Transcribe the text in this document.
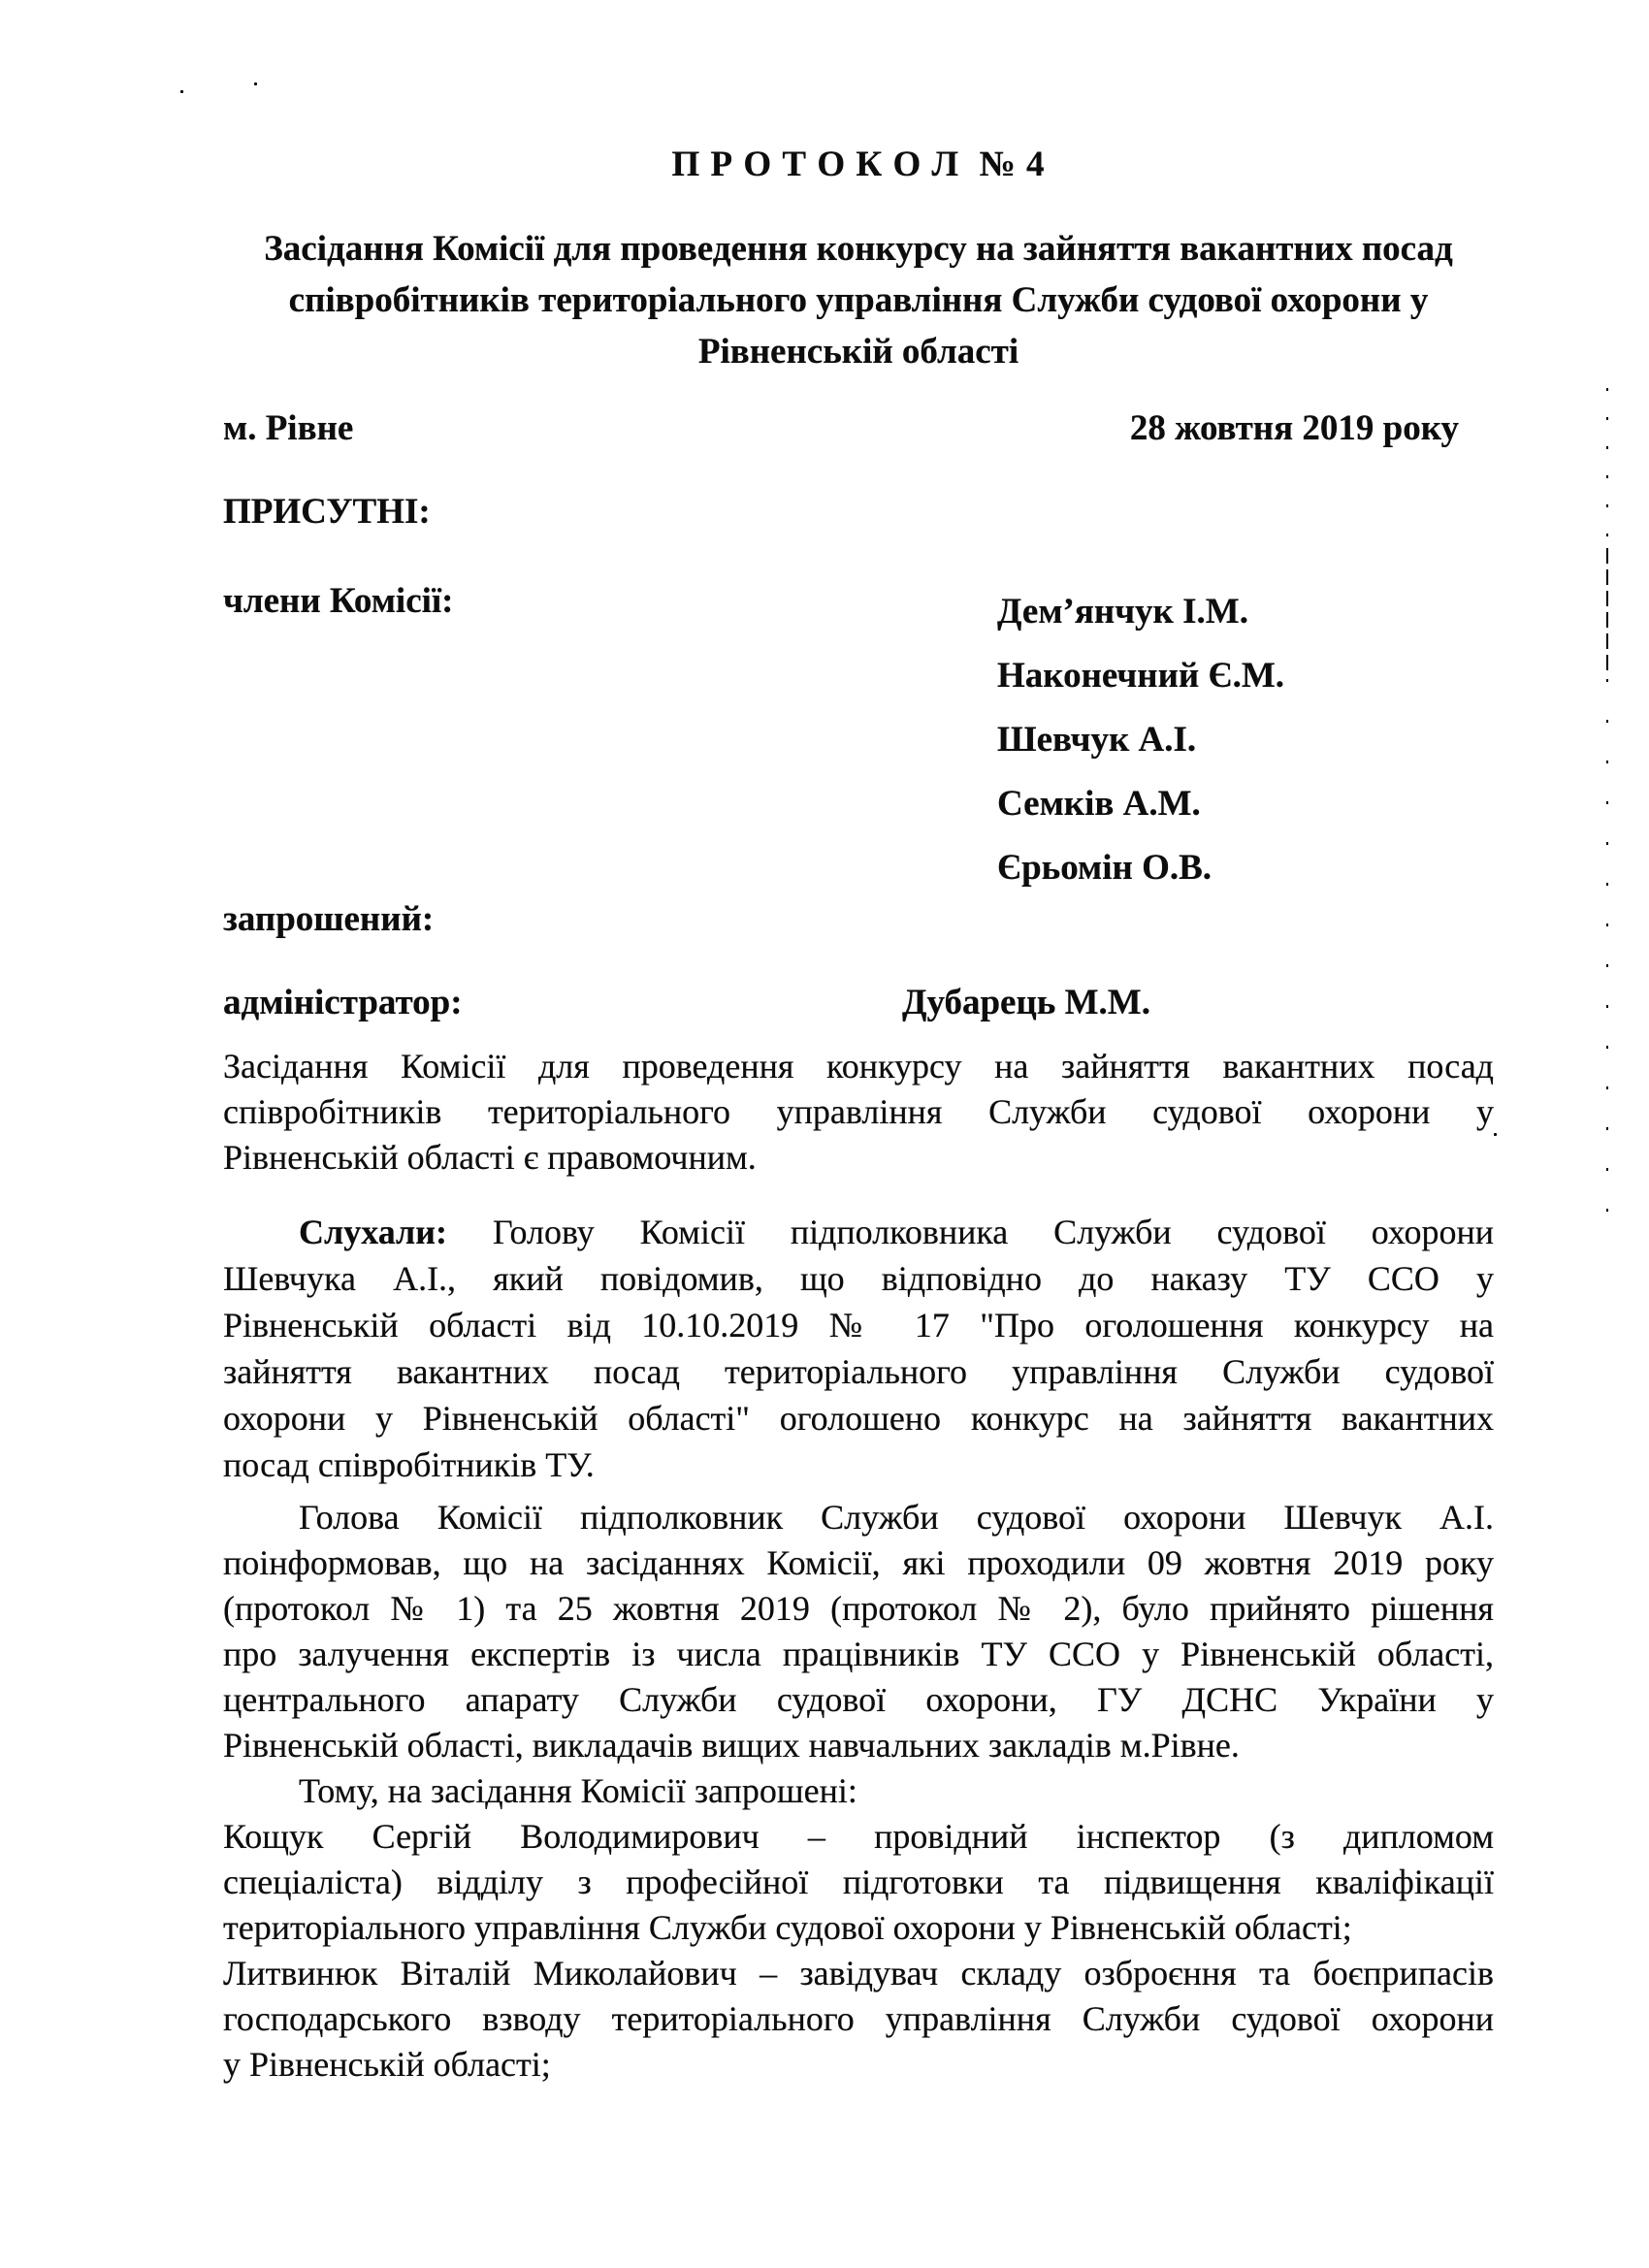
П Р О Т О К О Л  № 4
Засідання Комісії для проведення конкурсу на зайняття вакантних посад
співробітників територіального управління Служби судової охорони у
Рівненській області
м. Рівне	28 жовтня 2019 року
ПРИСУТНІ:
члени Комісії:	Дем’янчук І.М.
Наконечний Є.М.
Шевчук А.І.
Семків А.М.
Єрьомін О.В.
запрошений:
адміністратор:	Дубарець М.М.
Засідання Комісії для проведення конкурсу на зайняття вакантних посад
співробітників територіального управління Служби судової охорони у
Рівненській області є правомочним.
Слухали: Голову Комісії підполковника Служби судової охорони
Шевчука А.І., який повідомив, що відповідно до наказу ТУ ССО у
Рівненській області від 10.10.2019 № 17 "Про оголошення конкурсу на
зайняття вакантних посад територіального управління Служби судової
охорони у Рівненській області" оголошено конкурс на зайняття вакантних
посад співробітників ТУ.
Голова Комісії підполковник Служби судової охорони Шевчук А.І.
поінформовав, що на засіданнях Комісії, які проходили 09 жовтня 2019 року
(протокол № 1) та 25 жовтня 2019 (протокол № 2), було прийнято рішення
про залучення експертів із числа працівників ТУ ССО у Рівненській області,
центрального апарату Служби судової охорони, ГУ ДСНС України у
Рівненській області, викладачів вищих навчальних закладів м.Рівне.
Тому, на засідання Комісії запрошені:
Кощук Сергій Володимирович – провідний інспектор (з дипломом
спеціаліста) відділу з професійної підготовки та підвищення кваліфікації
територіального управління Служби судової охорони у Рівненській області;
Литвинюк Віталій Миколайович – завідувач складу озброєння та боєприпасів
господарського взводу територіального управління Служби судової охорони
у Рівненській області;
